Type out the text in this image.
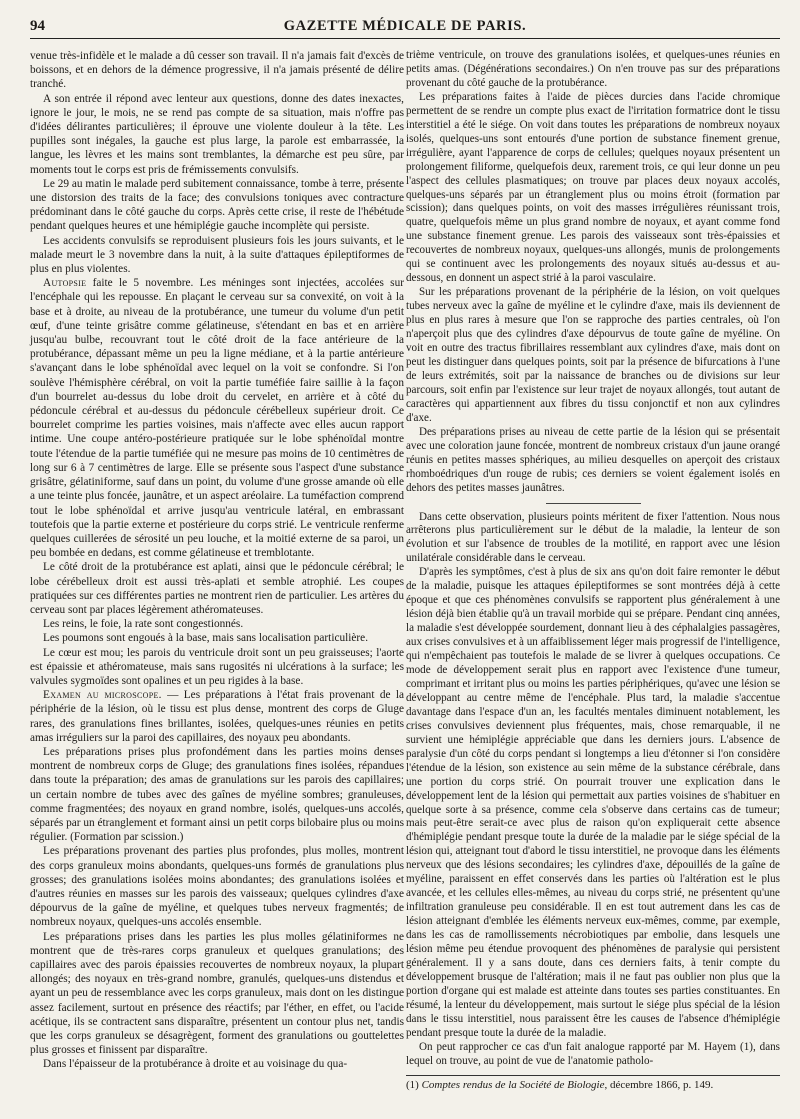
94	GAZETTE MÉDICALE DE PARIS.

venue très-infidèle et le malade a dû cesser son travail. Il n'a jamais fait d'excès de boissons, et en dehors de la démence progressive, il n'a jamais présenté de délire tranché.

A son entrée il répond avec lenteur aux questions, donne des dates inexactes, ignore le jour, le mois, ne se rend pas compte de sa situation, mais n'offre pas d'idées délirantes particulières; il éprouve une violente douleur à la tête. Les pupilles sont inégales, la gauche est plus large, la parole est embarrassée, la langue, les lèvres et les mains sont tremblantes, la démarche est peu sûre, par moments tout le corps est pris de frémissements convulsifs.

Le 29 au matin le malade perd subitement connaissance, tombe à terre, présente une distorsion des traits de la face; des convulsions toniques avec contracture prédominant dans le côté gauche du corps. Après cette crise, il reste de l'hébétude pendant quelques heures et une hémiplégie gauche incomplète qui persiste.

Les accidents convulsifs se reproduisent plusieurs fois les jours suivants, et le malade meurt le 3 novembre dans la nuit, à la suite d'attaques épileptiformes de plus en plus violentes.

Autopsie faite le 5 novembre. Les méninges sont injectées, accolées sur l'encéphale qui les repousse. En plaçant le cerveau sur sa convexité, on voit à la base et à droite, au niveau de la protubérance, une tumeur du volume d'un petit œuf, d'une teinte grisâtre comme gélatineuse, s'étendant en bas et en arrière jusqu'au bulbe, recouvrant tout le côté droit de la face antérieure de la protubérance, dépassant même un peu la ligne médiane, et à la partie antérieure s'avançant dans le lobe sphénoïdal avec lequel on la voit se confondre. Si l'on soulève l'hémisphère cérébral, on voit la partie tuméfiée faire saillie à la façon d'un bourrelet au-dessus du lobe droit du cervelet, en arrière et à côté du pédoncule cérébral et au-dessus du pédoncule cérébelleux supérieur droit. Ce bourrelet comprime les parties voisines, mais n'affecte avec elles aucun rapport intime. Une coupe antéro-postérieure pratiquée sur le lobe sphénoïdal montre toute l'étendue de la partie tuméfiée qui ne mesure pas moins de 10 centimètres de long sur 6 à 7 centimètres de large. Elle se présente sous l'aspect d'une substance grisâtre, gélatiniforme, sauf dans un point, du volume d'une grosse amande où elle a une teinte plus foncée, jaunâtre, et un aspect aréolaire. La tuméfaction comprend tout le lobe sphénoïdal et arrive jusqu'au ventricule latéral, en embrassant toutefois que la partie externe et postérieure du corps strié. Le ventricule renferme quelques cuillerées de sérosité un peu louche, et la moitié externe de sa paroi, un peu bombée en dedans, est comme gélatineuse et tremblotante.

Le côté droit de la protubérance est aplati, ainsi que le pédoncule cérébral; le lobe cérébelleux droit est aussi très-aplati et semble atrophié. Les coupes pratiquées sur ces différentes parties ne montrent rien de particulier. Les artères du cerveau sont par places légèrement athéromateuses.

Les reins, le foie, la rate sont congestionnés.

Les poumons sont engoués à la base, mais sans localisation particulière.

Le cœur est mou; les parois du ventricule droit sont un peu graisseuses; l'aorte est épaissie et athéromateuse, mais sans rugosités ni ulcérations à la surface; les valvules sygmoïdes sont opalines et un peu rigides à la base.

Examen au microscope. — Les préparations à l'état frais provenant de la périphérie de la lésion, où le tissu est plus dense, montrent des corps de Gluge rares, des granulations fines brillantes, isolées, quelques-unes réunies en petits amas irréguliers sur la paroi des capillaires, des noyaux peu abondants.

Les préparations prises plus profondément dans les parties moins denses montrent de nombreux corps de Gluge; des granulations fines isolées, répandues dans toute la préparation; des amas de granulations sur les parois des capillaires; un certain nombre de tubes avec des gaînes de myéline sombres; granuleuses, comme fragmentées; des noyaux en grand nombre, isolés, quelques-uns accolés, séparés par un étranglement et formant ainsi un petit corps bilobaire plus ou moins régulier. (Formation par scission.)

Les préparations provenant des parties plus profondes, plus molles, montrent des corps granuleux moins abondants, quelques-uns formés de granulations plus grosses; des granulations isolées moins abondantes; des granulations isolées et d'autres réunies en masses sur les parois des vaisseaux; quelques cylindres d'axe dépourvus de la gaîne de myéline, et quelques tubes nerveux fragmentés; de nombreux noyaux, quelques-uns accolés ensemble.

Les préparations prises dans les parties les plus molles gélatiniformes ne montrent que de très-rares corps granuleux et quelques granulations; des capillaires avec des parois épaissies recouvertes de nombreux noyaux, la plupart allongés; des noyaux en très-grand nombre, granulés, quelques-uns distendus et ayant un peu de ressemblance avec les corps granuleux, mais dont on les distingue assez facilement, surtout en présence des réactifs; par l'éther, en effet, ou l'acide acétique, ils se contractent sans disparaître, présentent un contour plus net, tandis que les corps granuleux se désagrègent, forment des granulations ou gouttelettes plus grosses et finissent par disparaître.

Dans l'épaisseur de la protubérance à droite et au voisinage du qua-

trième ventricule, on trouve des granulations isolées, et quelques-unes réunies en petits amas. (Dégénérations secondaires.) On n'en trouve pas sur des préparations provenant du côté gauche de la protubérance.

Les préparations faites à l'aide de pièces durcies dans l'acide chromique permettent de se rendre un compte plus exact de l'irritation formatrice dont le tissu interstitiel a été le siége. On voit dans toutes les préparations de nombreux noyaux isolés, quelques-uns sont entourés d'une portion de substance finement grenue, irrégulière, ayant l'apparence de corps de cellules; quelques noyaux présentent un prolongement filiforme, quelquefois deux, rarement trois, ce qui leur donne un peu l'aspect des cellules plasmatiques; on trouve par places deux noyaux accolés, quelques-uns séparés par un étranglement plus ou moins étroit (formation par scission); dans quelques points, on voit des masses irrégulières réunissant trois, quatre, quelquefois même un plus grand nombre de noyaux, et ayant comme fond une substance finement grenue. Les parois des vaisseaux sont très-épaissies et recouvertes de nombreux noyaux, quelques-uns allongés, munis de prolongements qui se continuent avec les prolongements des noyaux situés au-dessus et au-dessous, en donnent un aspect strié à la paroi vasculaire.

Sur les préparations provenant de la périphérie de la lésion, on voit quelques tubes nerveux avec la gaîne de myéline et le cylindre d'axe, mais ils deviennent de plus en plus rares à mesure que l'on se rapproche des parties centrales, où l'on n'aperçoit plus que des cylindres d'axe dépourvus de toute gaîne de myéline. On voit en outre des tractus fibrillaires ressemblant aux cylindres d'axe, mais dont on peut les distinguer dans quelques points, soit par la présence de bifurcations à l'une de leurs extrémités, soit par la naissance de branches ou de divisions sur leur parcours, soit enfin par l'existence sur leur trajet de noyaux allongés, tout autant de caractères qui appartiennent aux fibres du tissu conjonctif et non aux cylindres d'axe.

Des préparations prises au niveau de cette partie de la lésion qui se présentait avec une coloration jaune foncée, montrent de nombreux cristaux d'un jaune orangé réunis en petites masses sphériques, au milieu desquelles on aperçoit des cristaux rhomboédriques d'un rouge de rubis; ces derniers se voient également isolés en dehors des petites masses jaunâtres.

Dans cette observation, plusieurs points méritent de fixer l'attention. Nous nous arrêterons plus particulièrement sur le début de la maladie, la lenteur de son évolution et sur l'absence de troubles de la motilité, en rapport avec une lésion unilatérale considérable dans le cerveau.

D'après les symptômes, c'est à plus de six ans qu'on doit faire remonter le début de la maladie, puisque les attaques épileptiformes se sont montrées déjà à cette époque et que ces phénomènes convulsifs se rapportent plus généralement à une lésion déjà bien établie qu'à un travail morbide qui se prépare. Pendant cinq années, la maladie s'est développée sourdement, donnant lieu à des céphalalgies passagères, aux crises convulsives et à un affaiblissement léger mais progressif de l'intelligence, qui n'empêchaient pas toutefois le malade de se livrer à quelques occupations. Ce mode de développement serait plus en rapport avec l'existence d'une tumeur, comprimant et irritant plus ou moins les parties périphériques, qu'avec une lésion se développant au centre même de l'encéphale. Plus tard, la maladie s'accentue davantage dans l'espace d'un an, les facultés mentales diminuent notablement, les crises convulsives deviennent plus fréquentes, mais, chose remarquable, il ne survient une hémiplégie appréciable que dans les derniers jours. L'absence de paralysie d'un côté du corps pendant si longtemps a lieu d'étonner si l'on considère l'étendue de la lésion, son existence au sein même de la substance cérébrale, dans une portion du corps strié. On pourrait trouver une explication dans le développement lent de la lésion qui permettait aux parties voisines de s'habituer en quelque sorte à sa présence, comme cela s'observe dans certains cas de tumeur; mais peut-être serait-ce avec plus de raison qu'on expliquerait cette absence d'hémiplégie pendant presque toute la durée de la maladie par le siége spécial de la lésion qui, atteignant tout d'abord le tissu interstitiel, ne provoque dans les éléments nerveux que des lésions secondaires; les cylindres d'axe, dépouillés de la gaîne de myéline, paraissent en effet conservés dans les parties où l'altération est le plus avancée, et les cellules elles-mêmes, au niveau du corps strié, ne présentent qu'une infiltration granuleuse peu considérable. Il en est tout autrement dans les cas de lésion atteignant d'emblée les éléments nerveux eux-mêmes, comme, par exemple, dans les cas de ramollissements nécrobiotiques par embolie, dans lesquels une lésion même peu étendue provoquent des phénomènes de paralysie qui persistent généralement. Il y a sans doute, dans ces derniers faits, à tenir compte du développement brusque de l'altération; mais il ne faut pas oublier non plus que la portion d'organe qui est malade est atteinte dans toutes ses parties constituantes. En résumé, la lenteur du développement, mais surtout le siége plus spécial de la lésion dans le tissu interstitiel, nous paraissent être les causes de l'absence d'hémiplégie pendant presque toute la durée de la maladie.

On peut rapprocher ce cas d'un fait analogue rapporté par M. Hayem (1), dans lequel on trouve, au point de vue de l'anatomie patholo-

(1) Comptes rendus de la Société de Biologie, décembre 1866, p. 149.
